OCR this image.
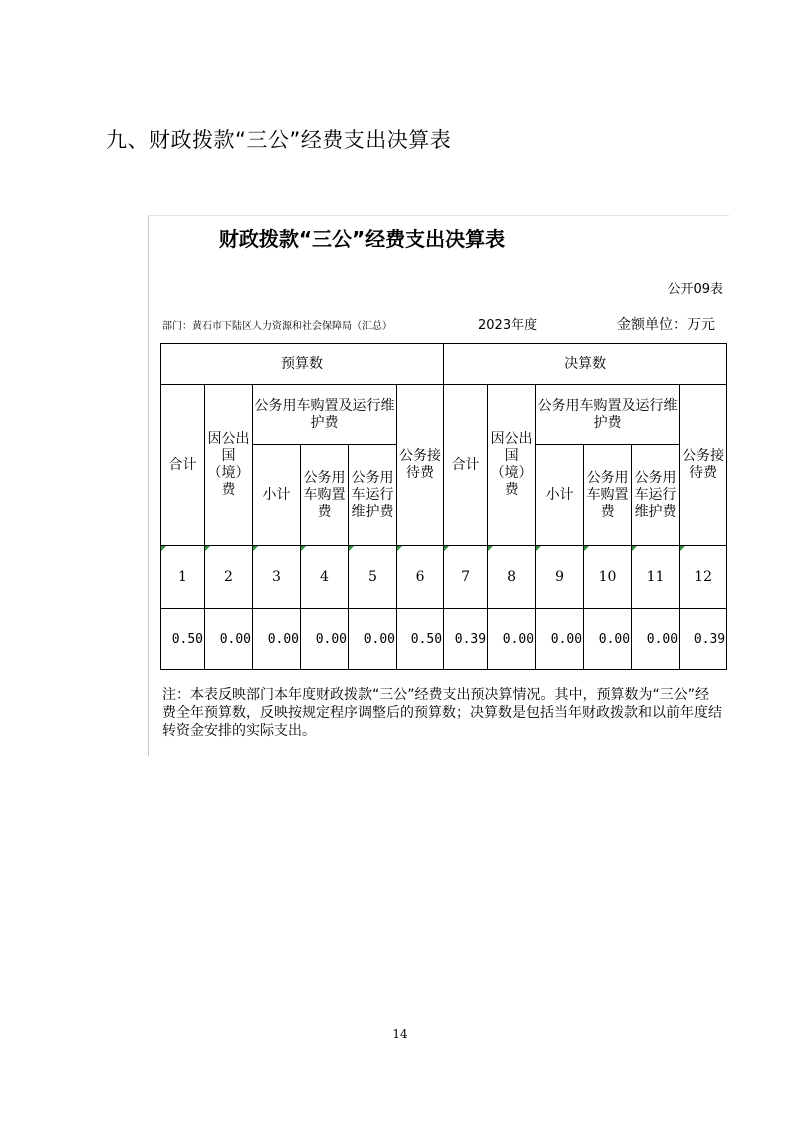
九、财政拨款“三公”经费支出决算表
财政拨款“三公”经费支出决算表
公开09表
部门：黄石市下陆区人力资源和社会保障局（汇总）	2023年度	金额单位：万元
预算数						决算数					
合计	因公出国（境）费	公务用车购置及运行维护费			公务接待费	合计	因公出国（境）费	公务用车购置及运行维护费			公务接待费
		小计	公务用车购置费	公务用车运行维护费				小计	公务用车购置费	公务用车运行维护费	

1	2	3	4	5	6	7	8	9	10	11	12
0.50	0.00	0.00	0.00	0.00	0.50	0.39	0.00	0.00	0.00	0.00	0.39
注：本表反映部门本年度财政拨款“三公”经费支出预决算情况。其中，预算数为“三公”经费全年预算数，反映按规定程序调整后的预算数；决算数是包括当年财政拨款和以前年度结转资金安排的实际支出。
14
